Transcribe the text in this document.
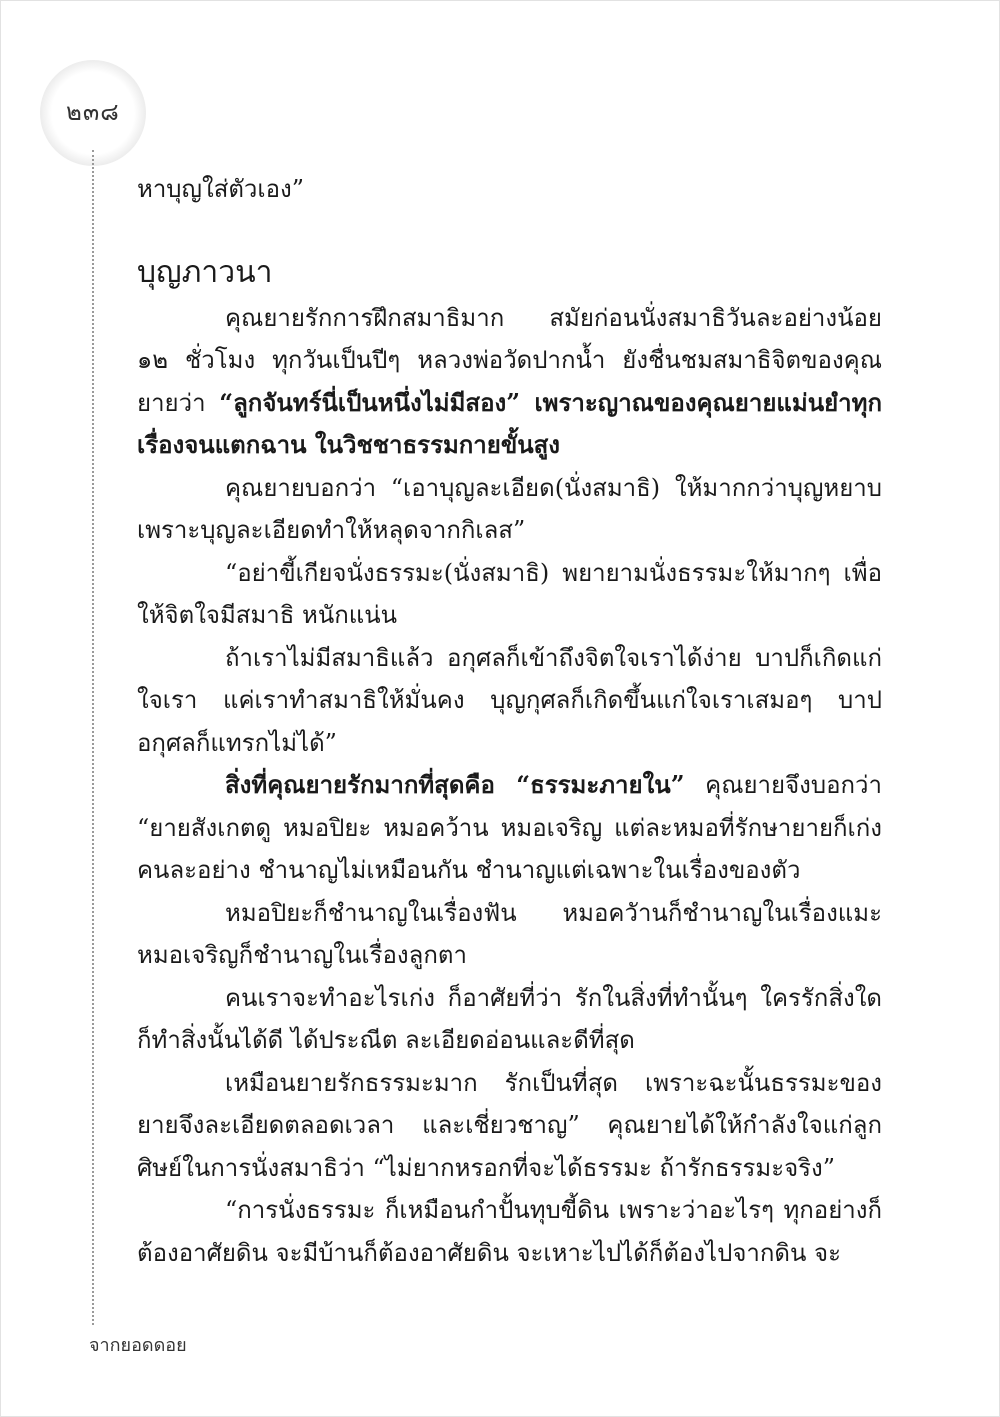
๒๓๘

หาบุญใส่ตัวเอง”

บุญภาวนา

คุณยายรักการฝึกสมาธิมาก สมัยก่อนนั่งสมาธิวันละอย่างน้อย ๑๒ ชั่วโมง ทุกวันเป็นปีๆ หลวงพ่อวัดปากน้ำ ยังชื่นชมสมาธิจิตของคุณยายว่า “ลูกจันทร์นี่เป็นหนึ่งไม่มีสอง” เพราะญาณของคุณยายแม่นยำทุกเรื่องจนแตกฉาน ในวิชชาธรรมกายขั้นสูง

คุณยายบอกว่า “เอาบุญละเอียด(นั่งสมาธิ) ให้มากกว่าบุญหยาบ เพราะบุญละเอียดทำให้หลุดจากกิเลส”

“อย่าขี้เกียจนั่งธรรมะ(นั่งสมาธิ) พยายามนั่งธรรมะให้มากๆ เพื่อให้จิตใจมีสมาธิ หนักแน่น

ถ้าเราไม่มีสมาธิแล้ว อกุศลก็เข้าถึงจิตใจเราได้ง่าย บาปก็เกิดแก่ใจเรา แค่เราทำสมาธิให้มั่นคง บุญกุศลก็เกิดขึ้นแก่ใจเราเสมอๆ บาปอกุศลก็แทรกไม่ได้”

สิ่งที่คุณยายรักมากที่สุดคือ “ธรรมะภายใน” คุณยายจึงบอกว่า “ยายสังเกตดู หมอปิยะ หมอคว้าน หมอเจริญ แต่ละหมอที่รักษายายก็เก่งคนละอย่าง ชำนาญไม่เหมือนกัน ชำนาญแต่เฉพาะในเรื่องของตัว

หมอปิยะก็ชำนาญในเรื่องฟัน หมอควัานก็ชำนาญในเรื่องแมะ หมอเจริญก็ชำนาญในเรื่องลูกตา

คนเราจะทำอะไรเก่ง ก็อาศัยที่ว่า รักในสิ่งที่ทำนั้นๆ ใครรักสิ่งใด ก็ทำสิ่งนั้นได้ดี ได้ประณีต ละเอียดอ่อนและดีที่สุด

เหมือนยายรักธรรมะมาก รักเป็นที่สุด เพราะฉะนั้นธรรมะของยายจึงละเอียดตลอดเวลา และเชี่ยวชาญ” คุณยายได้ให้กำลังใจแก่ลูกศิษย์ในการนั่งสมาธิว่า “ไม่ยากหรอกที่จะได้ธรรมะ ถ้ารักธรรมะจริง”

“การนั่งธรรมะ ก็เหมือนกำปั้นทุบขี้ดิน เพราะว่าอะไรๆ ทุกอย่างก็ต้องอาศัยดิน จะมีบ้านก็ต้องอาศัยดิน จะเหาะไปได้ก็ต้องไปจากดิน จะ

จากยอดดอย
